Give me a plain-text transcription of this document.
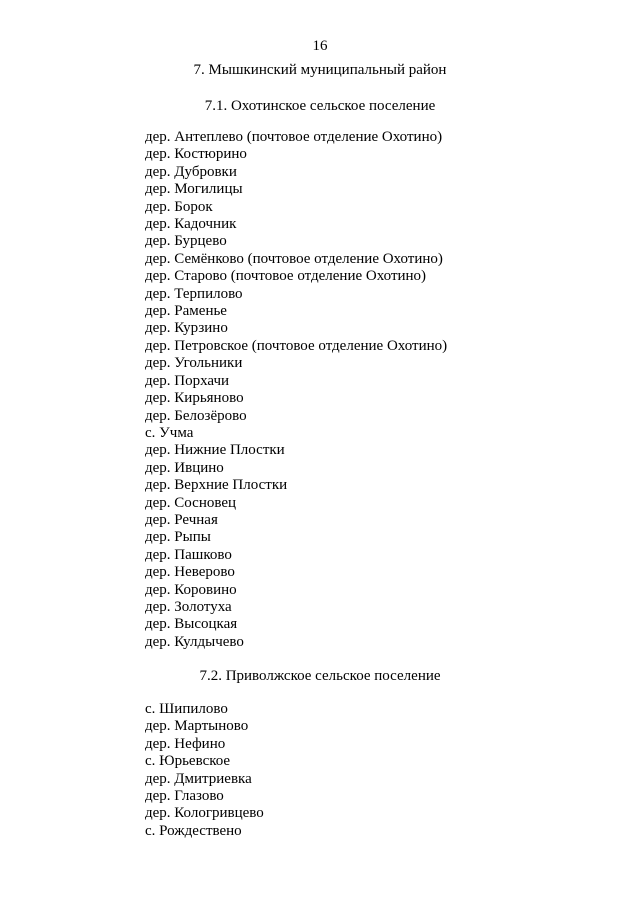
16
7. Мышкинский муниципальный район
7.1. Охотинское сельское поселение
дер. Антеплево (почтовое отделение Охотино)
дер. Костюрино
дер. Дубровки
дер. Могилицы
дер. Борок
дер. Кадочник
дер. Бурцево
дер. Семёнково (почтовое отделение Охотино)
дер. Старово (почтовое отделение Охотино)
дер. Терпилово
дер. Раменье
дер. Курзино
дер. Петровское (почтовое отделение Охотино)
дер. Угольники
дер. Порхачи
дер. Кирьяново
дер. Белозёрово
с. Учма
дер. Нижние Плостки
дер. Ивцино
дер. Верхние Плостки
дер. Сосновец
дер. Речная
дер. Рыпы
дер. Пашково
дер. Неверово
дер. Коровино
дер. Золотуха
дер. Высоцкая
дер. Кулдычево
7.2. Приволжское сельское поселение
с. Шипилово
дер. Мартыново
дер. Нефино
с. Юрьевское
дер. Дмитриевка
дер. Глазово
дер. Кологривцево
с. Рождествено
